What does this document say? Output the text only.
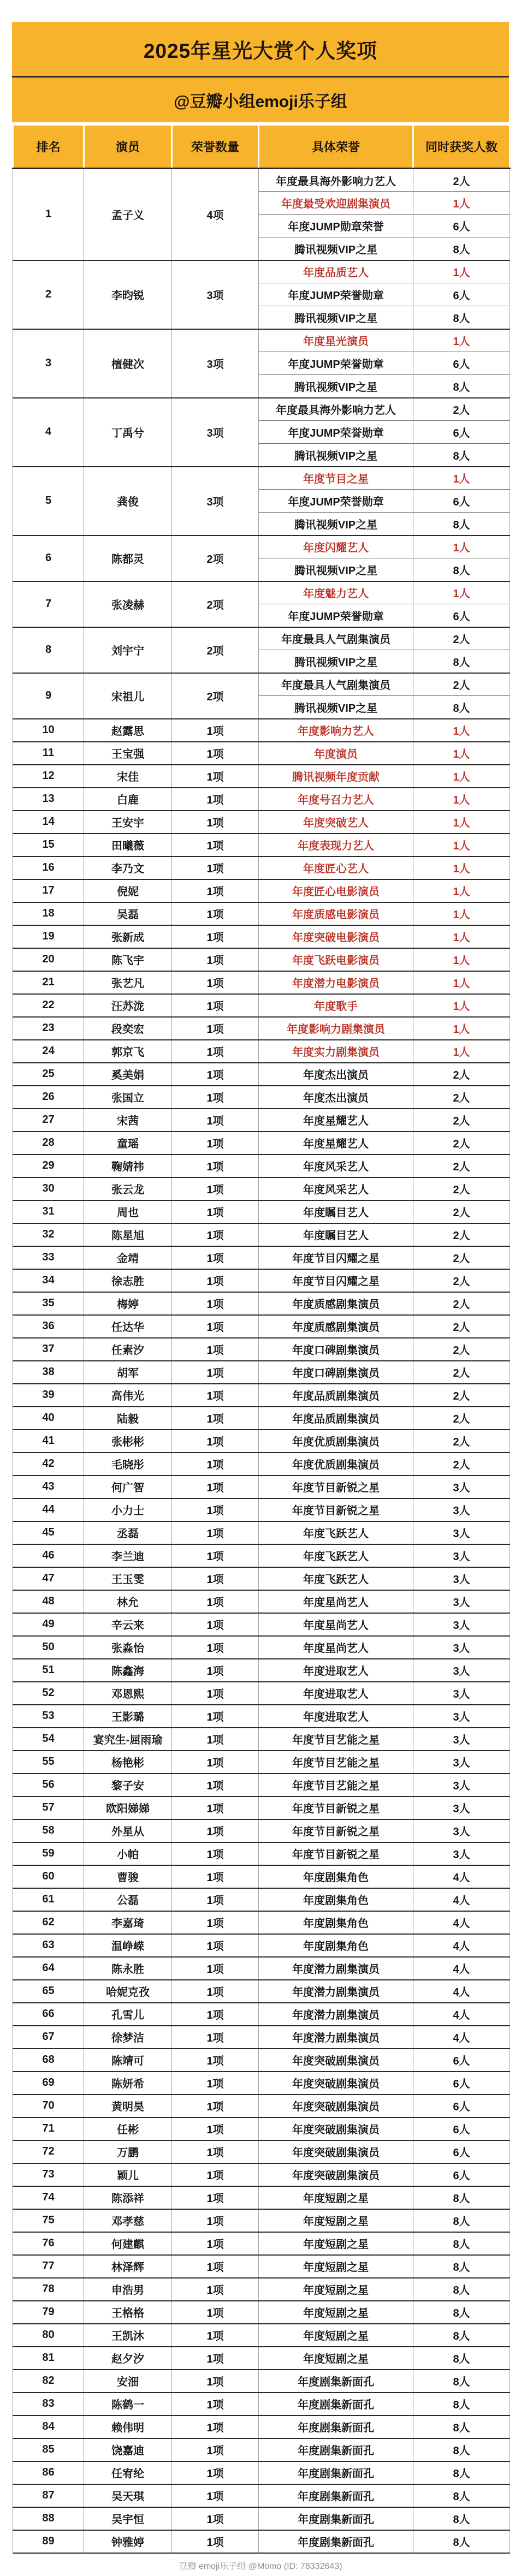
2025年星光大赏个人奖项
@豆瓣小组emoji乐子组
排名	演员	荣誉数量	具体荣誉	同时获奖人数
1	孟子义	4项	年度最具海外影响力艺人	2人
			年度最受欢迎剧集演员	1人
			年度JUMP勋章荣誉	6人
			腾讯视频VIP之星	8人
2	李昀锐	3项	年度品质艺人	1人
			年度JUMP荣誉勋章	6人
			腾讯视频VIP之星	8人
3	檀健次	3项	年度星光演员	1人
			年度JUMP荣誉勋章	6人
			腾讯视频VIP之星	8人
4	丁禹兮	3项	年度最具海外影响力艺人	2人
			年度JUMP荣誉勋章	6人
			腾讯视频VIP之星	8人
5	龚俊	3项	年度节目之星	1人
			年度JUMP荣誉勋章	6人
			腾讯视频VIP之星	8人
6	陈都灵	2项	年度闪耀艺人	1人
			腾讯视频VIP之星	8人
7	张凌赫	2项	年度魅力艺人	1人
			年度JUMP荣誉勋章	6人
8	刘宇宁	2项	年度最具人气剧集演员	2人
			腾讯视频VIP之星	8人
9	宋祖儿	2项	年度最具人气剧集演员	2人
			腾讯视频VIP之星	8人
10	赵露思	1项	年度影响力艺人	1人
11	王宝强	1项	年度演员	1人
12	宋佳	1项	腾讯视频年度贡献	1人
13	白鹿	1项	年度号召力艺人	1人
14	王安宇	1项	年度突破艺人	1人
15	田曦薇	1项	年度表现力艺人	1人
16	李乃文	1项	年度匠心艺人	1人
17	倪妮	1项	年度匠心电影演员	1人
18	吴磊	1项	年度质感电影演员	1人
19	张新成	1项	年度突破电影演员	1人
20	陈飞宇	1项	年度飞跃电影演员	1人
21	张艺凡	1项	年度潜力电影演员	1人
22	汪苏泷	1项	年度歌手	1人
23	段奕宏	1项	年度影响力剧集演员	1人
24	郭京飞	1项	年度实力剧集演员	1人
25	奚美娟	1项	年度杰出演员	2人
26	张国立	1项	年度杰出演员	2人
27	宋茜	1项	年度星耀艺人	2人
28	童瑶	1项	年度星耀艺人	2人
29	鞠婧祎	1项	年度风采艺人	2人
30	张云龙	1项	年度风采艺人	2人
31	周也	1项	年度瞩目艺人	2人
32	陈星旭	1项	年度瞩目艺人	2人
33	金靖	1项	年度节目闪耀之星	2人
34	徐志胜	1项	年度节目闪耀之星	2人
35	梅婷	1项	年度质感剧集演员	2人
36	任达华	1项	年度质感剧集演员	2人
37	任素汐	1项	年度口碑剧集演员	2人
38	胡军	1项	年度口碑剧集演员	2人
39	高伟光	1项	年度品质剧集演员	2人
40	陆毅	1项	年度品质剧集演员	2人
41	张彬彬	1项	年度优质剧集演员	2人
42	毛晓彤	1项	年度优质剧集演员	2人
43	何广智	1项	年度节目新锐之星	3人
44	小力士	1项	年度节目新锐之星	3人
45	丞磊	1项	年度飞跃艺人	3人
46	李兰迪	1项	年度飞跃艺人	3人
47	王玉雯	1项	年度飞跃艺人	3人
48	林允	1项	年度星尚艺人	3人
49	辛云来	1项	年度星尚艺人	3人
50	张淼怡	1项	年度星尚艺人	3人
51	陈鑫海	1项	年度进取艺人	3人
52	邓恩熙	1项	年度进取艺人	3人
53	王影璐	1项	年度进取艺人	3人
54	宴究生-屈雨瑜	1项	年度节目艺能之星	3人
55	杨艳彬	1项	年度节目艺能之星	3人
56	黎子安	1项	年度节目艺能之星	3人
57	欧阳娣娣	1项	年度节目新锐之星	3人
58	外星从	1项	年度节目新锐之星	3人
59	小帕	1项	年度节目新锐之星	3人
60	曹骏	1项	年度剧集角色	4人
61	公磊	1项	年度剧集角色	4人
62	李嘉琦	1项	年度剧集角色	4人
63	温峥嵘	1项	年度剧集角色	4人
64	陈永胜	1项	年度潜力剧集演员	4人
65	哈妮克孜	1项	年度潜力剧集演员	4人
66	孔雪儿	1项	年度潜力剧集演员	4人
67	徐梦洁	1项	年度潜力剧集演员	4人
68	陈靖可	1项	年度突破剧集演员	6人
69	陈妍希	1项	年度突破剧集演员	6人
70	黄明昊	1项	年度突破剧集演员	6人
71	任彬	1项	年度突破剧集演员	6人
72	万鹏	1项	年度突破剧集演员	6人
73	颖儿	1项	年度突破剧集演员	6人
74	陈添祥	1项	年度短剧之星	8人
75	邓孝慈	1项	年度短剧之星	8人
76	何建麒	1项	年度短剧之星	8人
77	林泽辉	1项	年度短剧之星	8人
78	申浩男	1项	年度短剧之星	8人
79	王格格	1项	年度短剧之星	8人
80	王凯沐	1项	年度短剧之星	8人
81	赵夕汐	1项	年度短剧之星	8人
82	安沺	1项	年度剧集新面孔	8人
83	陈鹤一	1项	年度剧集新面孔	8人
84	赖伟明	1项	年度剧集新面孔	8人
85	饶嘉迪	1项	年度剧集新面孔	8人
86	任宥纶	1项	年度剧集新面孔	8人
87	吴天琪	1项	年度剧集新面孔	8人
88	吴宇恒	1项	年度剧集新面孔	8人
89	钟雅婷	1项	年度剧集新面孔	8人
豆瓣 emoji乐子组 @Momo (ID: 78332643)
